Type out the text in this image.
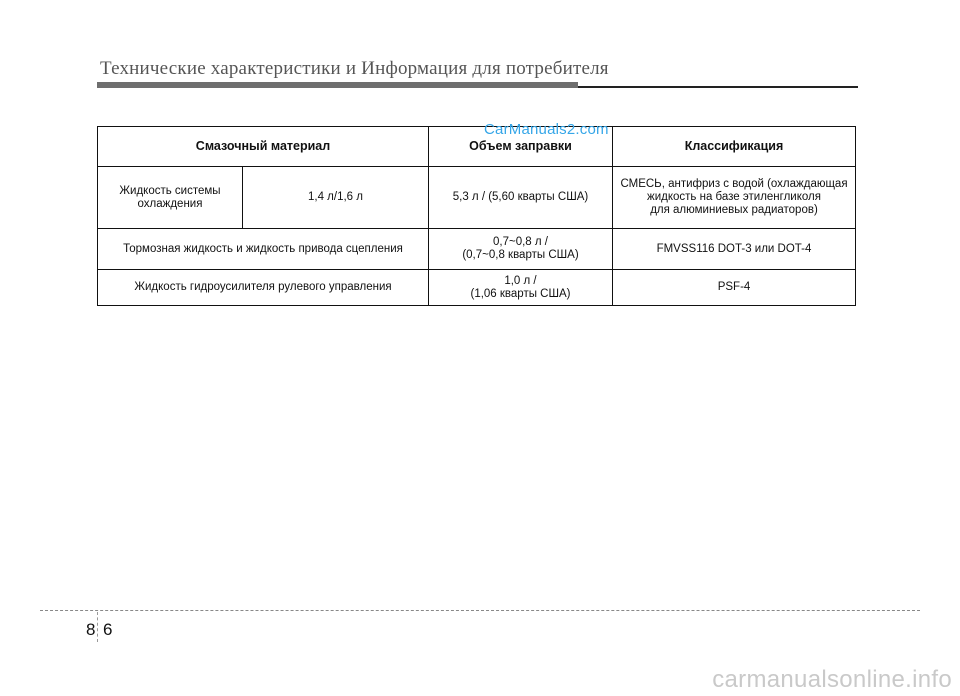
Технические характеристики и Информация для потребителя
Смазочный материал		Объем заправки	Классификация
Жидкость системы
охлаждения	1,4 л/1,6 л	5,3 л / (5,60 кварты США)	СМЕСЬ, антифриз с водой (охлаждающая
жидкость на базе этиленгликоля
для алюминиевых радиаторов)
Тормозная жидкость и жидкость привода сцепления		0,7~0,8 л /
(0,7~0,8 кварты США)	FMVSS116 DOT-3 или DOT-4
Жидкость гидроусилителя рулевого управления		1,0 л /
(1,06 кварты США)	PSF-4
CarManuals2.com
8 6
carmanualsonline.info
